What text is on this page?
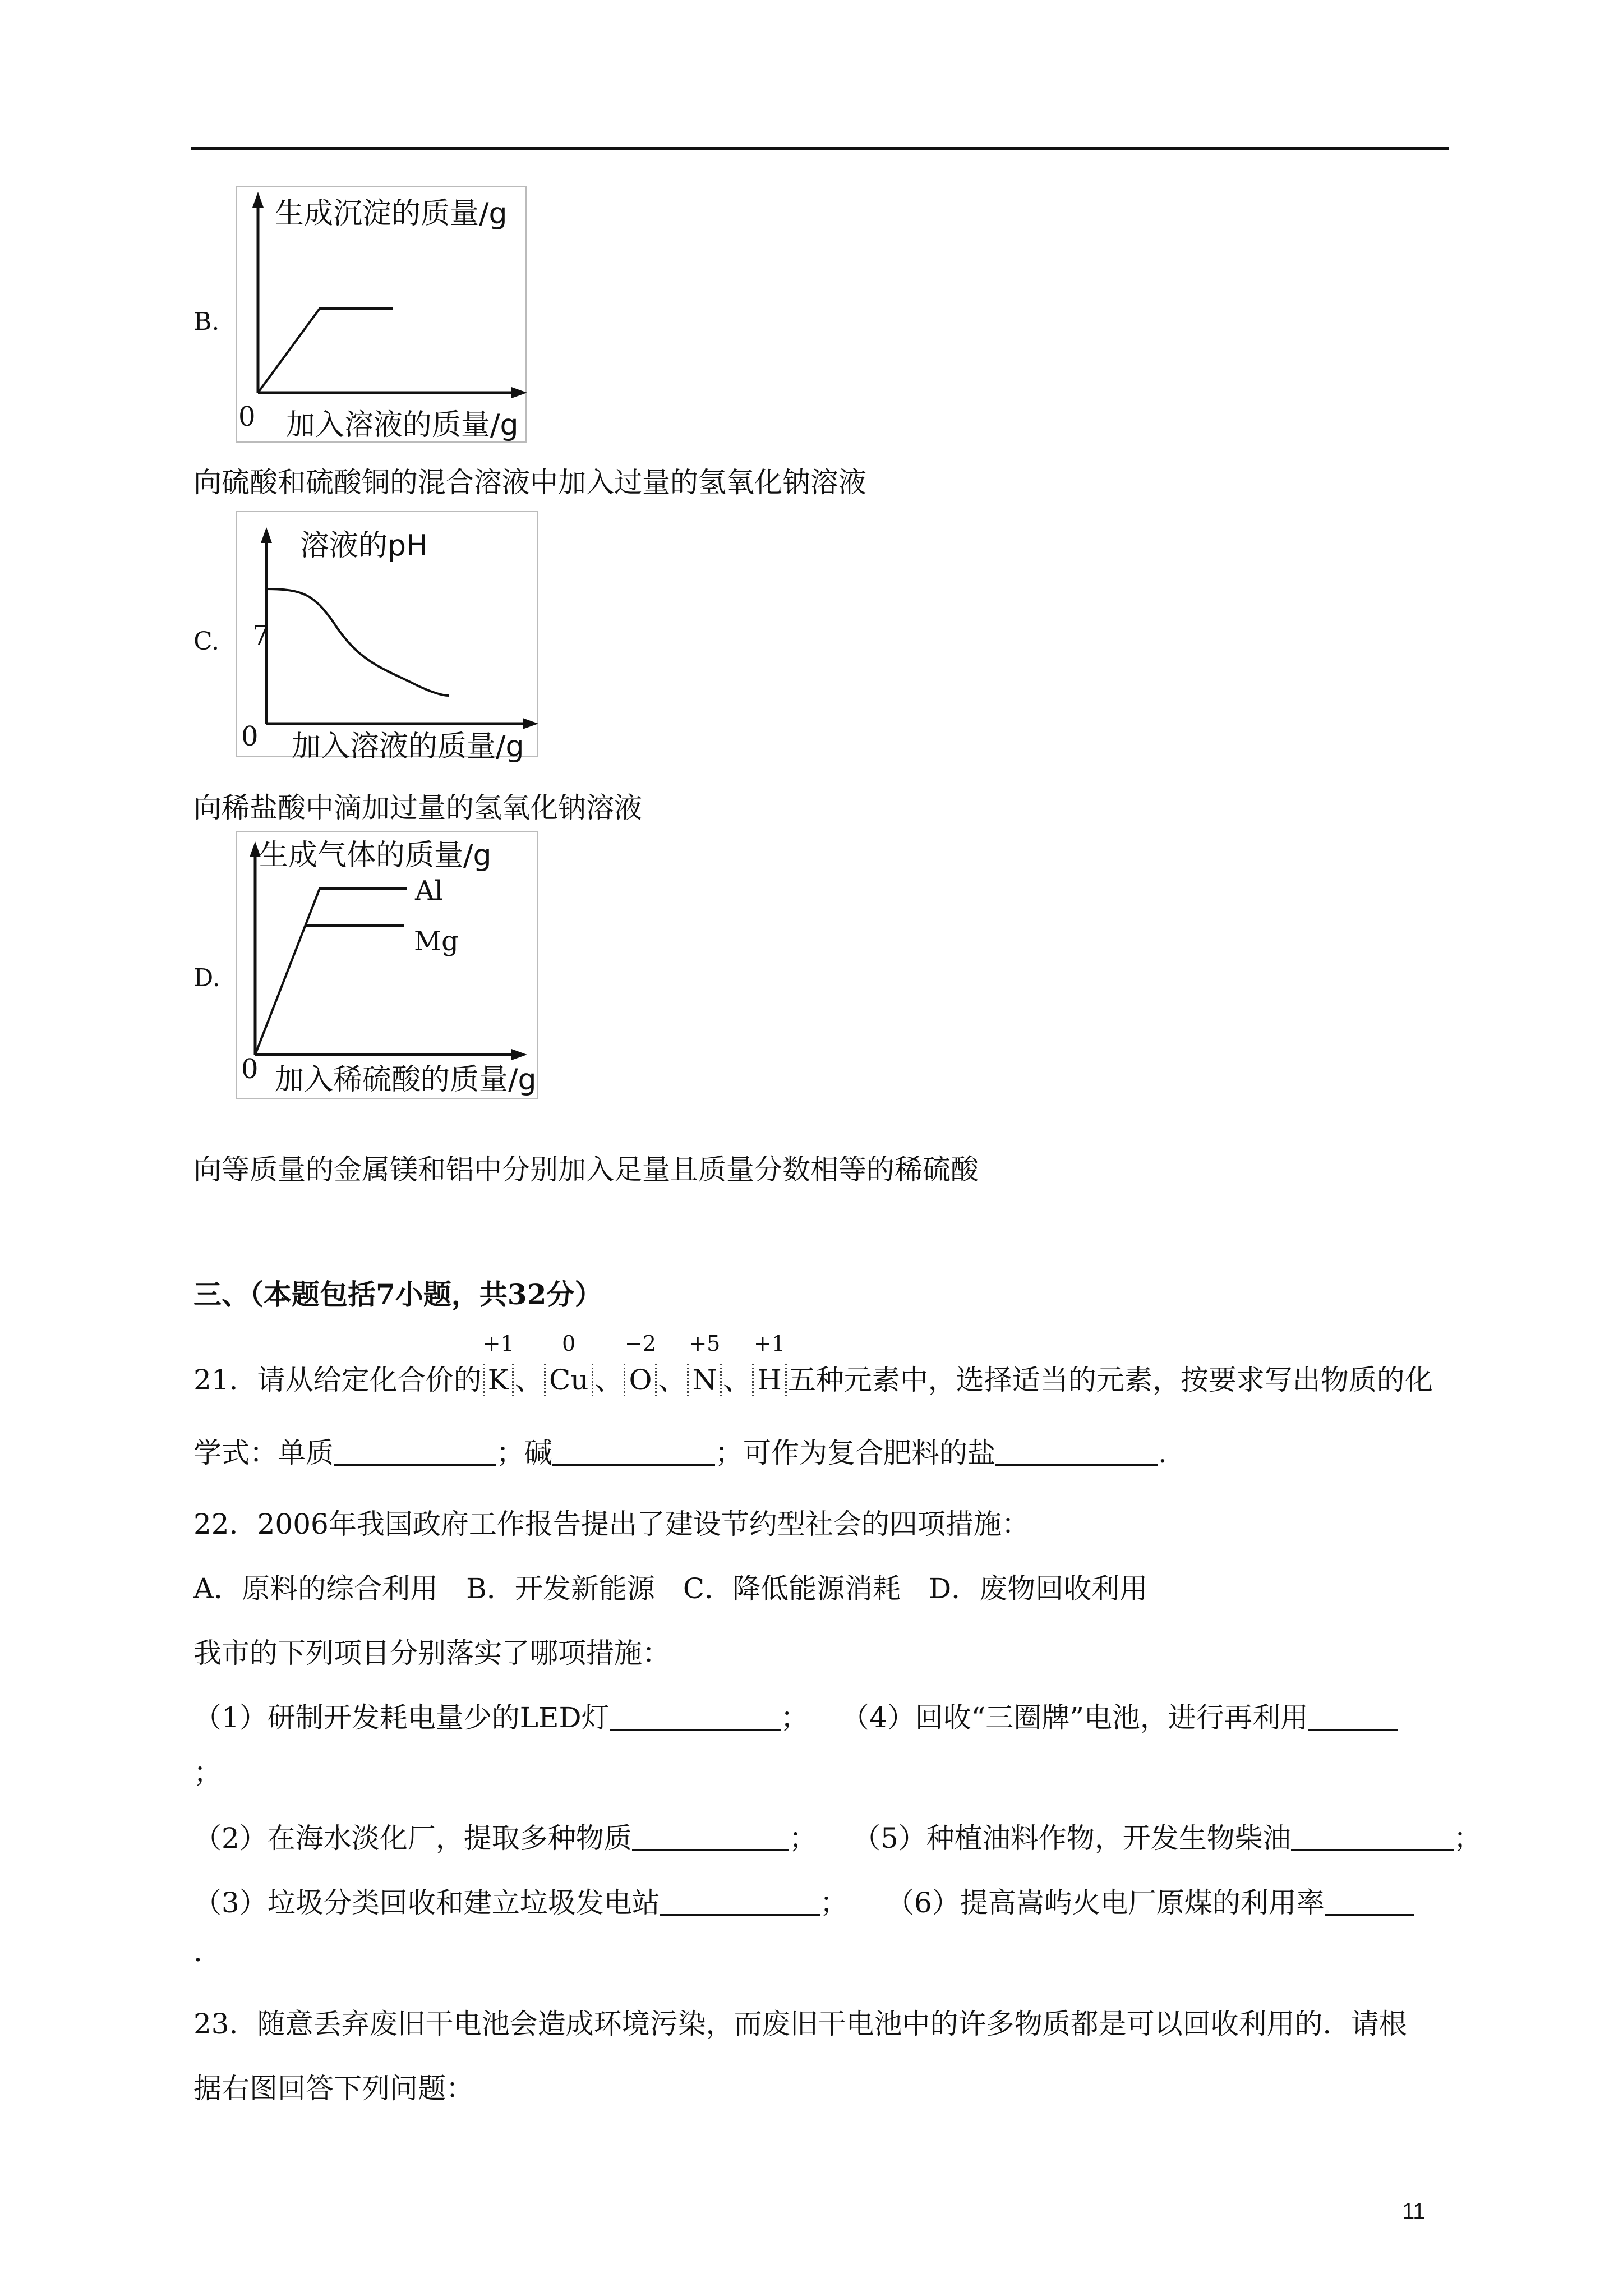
B.
生成沉淀的质量/g
0 加入溶液的质量/g
向硫酸和硫酸铜的混合溶液中加入过量的氢氧化钠溶液
C.
溶液的pH
7
0 加入溶液的质量/g
向稀盐酸中滴加过量的氢氧化钠溶液
D.
生成气体的质量/g
Al
Mg
0 加入稀硫酸的质量/g
向等质量的金属镁和铝中分别加入足量且质量分数相等的稀硫酸
三、（本题包括7小题，共32分）
21．请从给定化合价的
+1
K 、
0
Cu 、
−2
O 、
+5
N 、
+1
H 五种元素中，选择适当的元素，按要求写出物质的化
学式：单质	；碱	；可作为复合肥料的盐	.
22．2006年我国政府工作报告提出了建设节约型社会的四项措施：
A．原料的综合利用　B．开发新能源　C．降低能源消耗　D．废物回收利用
我市的下列项目分别落实了哪项措施：
（1）研制开发耗电量少的LED灯	； （4）回收“三圈牌”电池，进行再利用
；
（2）在海水淡化厂，提取多种物质	； （5）种植油料作物，开发生物柴油	；
（3）垃圾分类回收和建立垃圾发电站	； （6）提高嵩屿火电厂原煤的利用率
.
23．随意丢弃废旧干电池会造成环境污染，而废旧干电池中的许多物质都是可以回收利用的．请根
据右图回答下列问题：
11
